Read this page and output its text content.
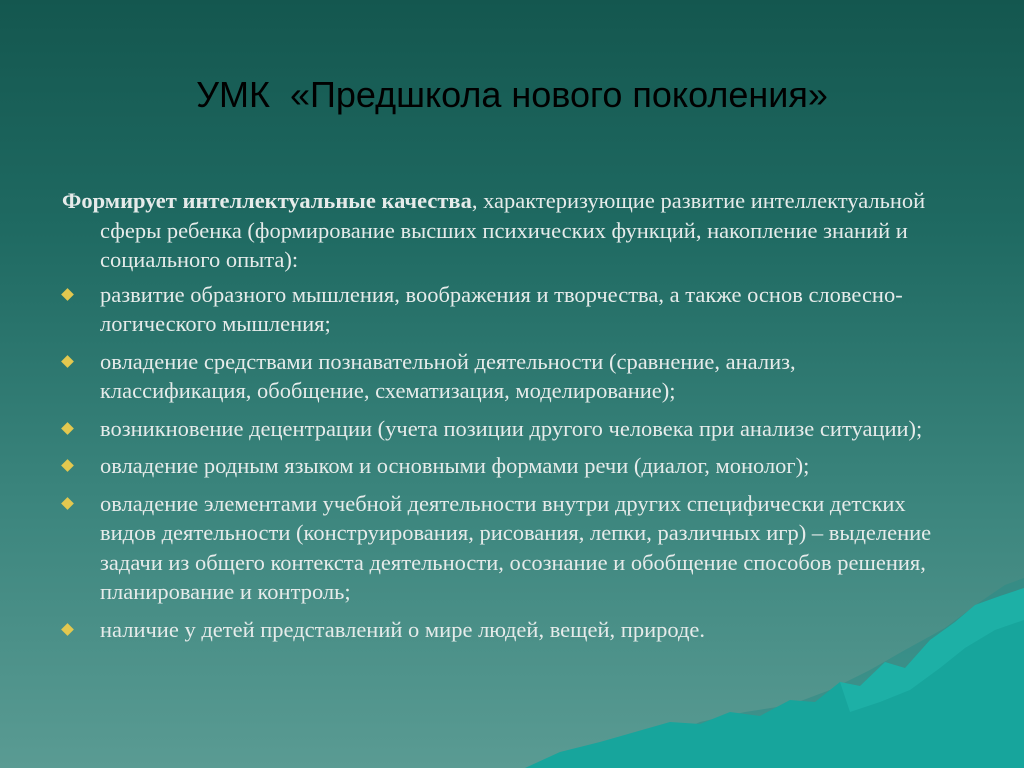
УМК  «Предшкола нового поколения»
Формирует интеллектуальные качества, характеризующие развитие интеллектуальной сферы ребенка (формирование высших психических функций, накопление знаний и социального опыта):
развитие образного мышления, воображения и творчества, а также основ словесно-логического мышления;
овладение средствами познавательной деятельности (сравнение, анализ, классификация, обобщение, схематизация, моделирование);
возникновение децентрации (учета позиции другого человека при анализе ситуации);
овладение родным языком и основными формами речи (диалог, монолог);
овладение элементами учебной деятельности внутри других специфически детских видов деятельности (конструирования, рисования, лепки, различных игр) – выделение задачи из общего контекста деятельности, осознание и обобщение способов решения, планирование и контроль;
наличие у детей представлений о мире людей, вещей, природе.
